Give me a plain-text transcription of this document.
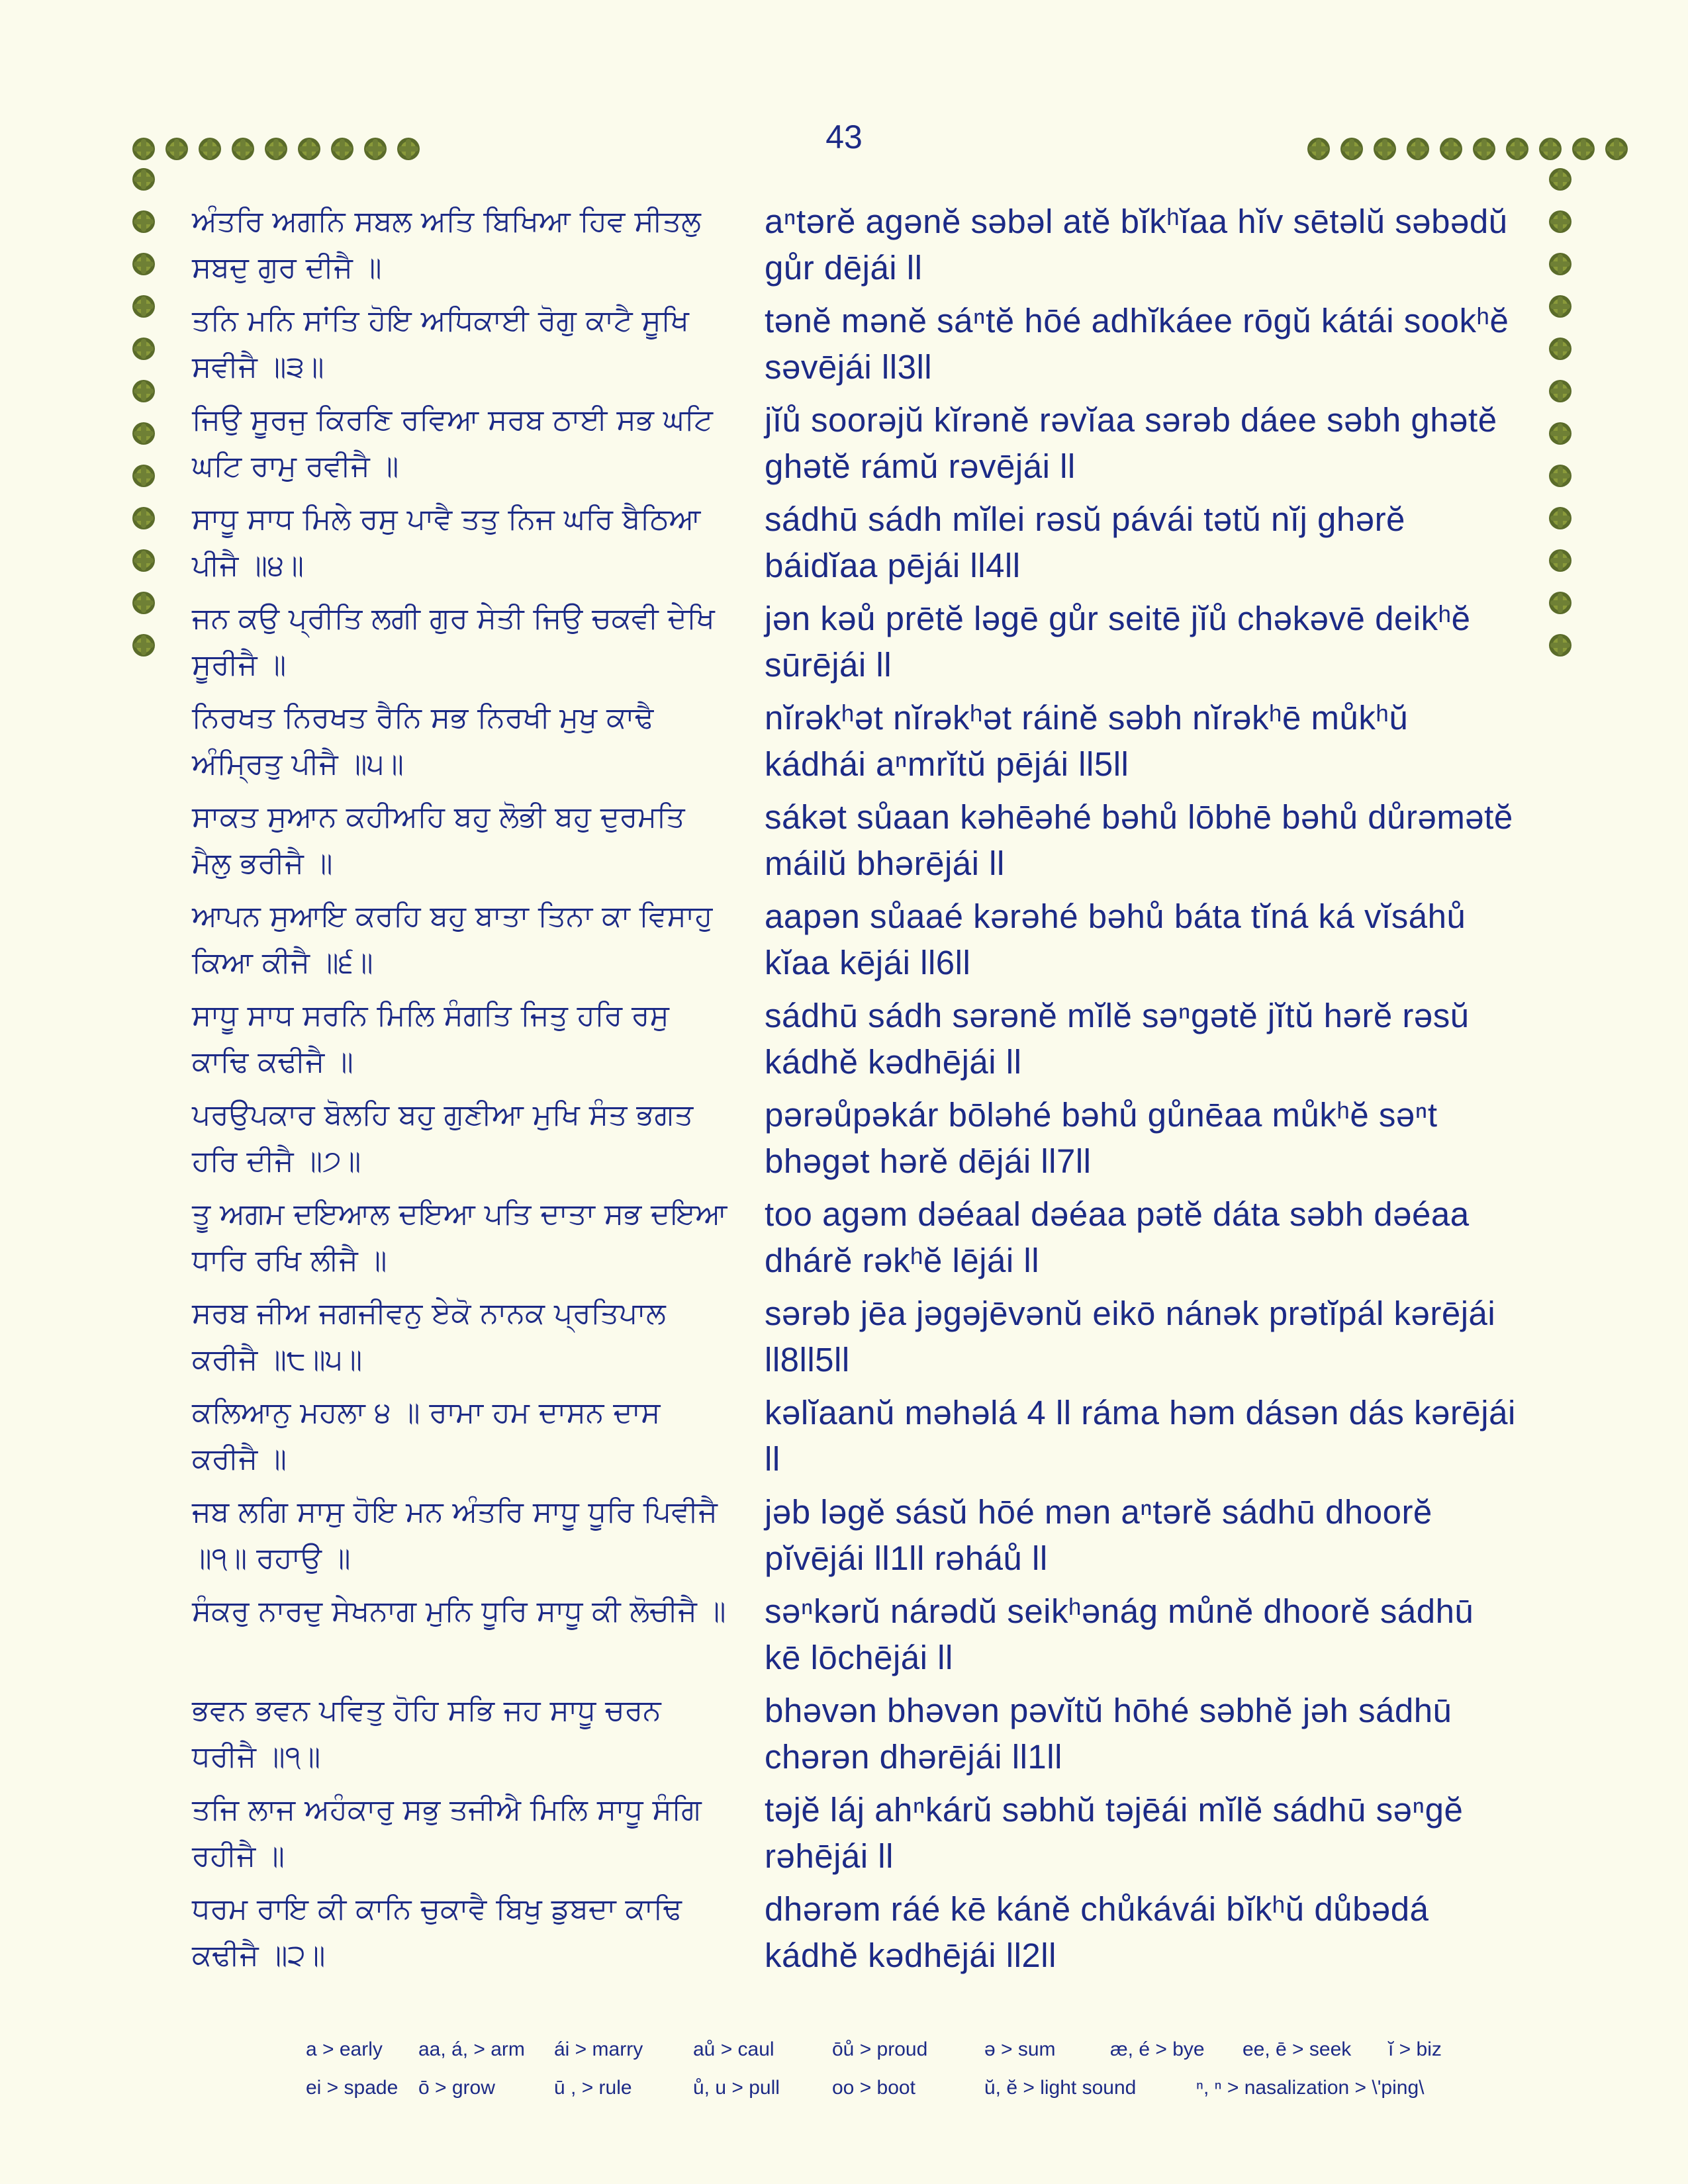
43
ਅੰਤਰਿ ਅਗਨਿ ਸਬਲ ਅਤਿ ਬਿਖਿਆ ਹਿਵ ਸੀਤਲੁ ਸਬਦੁ ਗੁਰ ਦੀਜੈ ॥
aⁿtərĕ agənĕ səbəl atĕ bĭkʰĭaa hĭv sētəlŭ səbədŭ gůr dējái ll
ਤਨਿ ਮਨਿ ਸਾਂਤਿ ਹੋਇ ਅਧਿਕਾਈ ਰੋਗੁ ਕਾਟੈ ਸੂਖਿ ਸਵੀਜੈ ॥੩॥
tənĕ mənĕ sáⁿtĕ hōé adhĭkáee rōgŭ kátái sookʰĕ səvējái ll3ll
ਜਿਉ ਸੂਰਜੁ ਕਿਰਣਿ ਰਵਿਆ ਸਰਬ ਠਾਈ ਸਭ ਘਟਿ ਘਟਿ ਰਾਮੁ ਰਵੀਜੈ ॥
jĭů soorəjŭ kĭrənĕ rəvĭaa sərəb dáee səbh ghətĕ ghətĕ rámŭ rəvējái ll
ਸਾਧੂ ਸਾਧ ਮਿਲੇ ਰਸੁ ਪਾਵੈ ਤਤੁ ਨਿਜ ਘਰਿ ਬੈਠਿਆ ਪੀਜੈ ॥੪॥
sádhū sádh mĭlei rəsŭ pávái tətŭ nĭj ghərĕ báidĭaa pējái ll4ll
ਜਨ ਕਉ ਪ੍ਰੀਤਿ ਲਗੀ ਗੁਰ ਸੇਤੀ ਜਿਉ ਚਕਵੀ ਦੇਖਿ ਸੂਰੀਜੈ ॥
jən kəů prētĕ ləgē gůr seitē jĭů chəkəvē deikʰĕ sūrējái ll
ਨਿਰਖਤ ਨਿਰਖਤ ਰੈਨਿ ਸਭ ਨਿਰਖੀ ਮੁਖੁ ਕਾਢੈ ਅੰਮ੍ਰਿਤੁ ਪੀਜੈ ॥੫॥
nĭrəkʰət nĭrəkʰət ráinĕ səbh nĭrəkʰē můkʰŭ kádhái aⁿmrĭtŭ pējái ll5ll
ਸਾਕਤ ਸੁਆਨ ਕਹੀਅਹਿ ਬਹੁ ਲੋਭੀ ਬਹੁ ਦੁਰਮਤਿ ਮੈਲੁ ਭਰੀਜੈ ॥
sákət sůaan kəhēəhé bəhů lōbhē bəhů důrəmətĕ máilŭ bhərējái ll
ਆਪਨ ਸੁਆਇ ਕਰਹਿ ਬਹੁ ਬਾਤਾ ਤਿਨਾ ਕਾ ਵਿਸਾਹੁ ਕਿਆ ਕੀਜੈ ॥੬॥
aapən sůaaé kərəhé bəhů báta tĭná ká vĭsáhů kĭaa kējái ll6ll
ਸਾਧੂ ਸਾਧ ਸਰਨਿ ਮਿਲਿ ਸੰਗਤਿ ਜਿਤੁ ਹਰਿ ਰਸੁ ਕਾਢਿ ਕਢੀਜੈ ॥
sádhū sádh sərənĕ mĭlĕ səⁿgətĕ jĭtŭ hərĕ rəsŭ kádhĕ kədhējái ll
ਪਰਉਪਕਾਰ ਬੋਲਹਿ ਬਹੁ ਗੁਣੀਆ ਮੁਖਿ ਸੰਤ ਭਗਤ ਹਰਿ ਦੀਜੈ ॥੭॥
pərəůpəkár bōləhé bəhů gůnēaa můkʰĕ səⁿt bhəgət hərĕ dējái ll7ll
ਤੂ ਅਗਮ ਦਇਆਲ ਦਇਆ ਪਤਿ ਦਾਤਾ ਸਭ ਦਇਆ ਧਾਰਿ ਰਖਿ ਲੀਜੈ ॥
too agəm dəéaal dəéaa pətĕ dáta səbh dəéaa dhárĕ rəkʰĕ lējái ll
ਸਰਬ ਜੀਅ ਜਗਜੀਵਨੁ ਏਕੋ ਨਾਨਕ ਪ੍ਰਤਿਪਾਲ ਕਰੀਜੈ ॥੮॥੫॥
sərəb jēa jəgəjēvənŭ eikō nánək prətĭpál kərējái ll8ll5ll
ਕਲਿਆਨੁ ਮਹਲਾ ੪ ॥ ਰਾਮਾ ਹਮ ਦਾਸਨ ਦਾਸ ਕਰੀਜੈ ॥
kəlĭaanŭ məhəlá 4 ll ráma həm dásən dás kərējái ll
ਜਬ ਲਗਿ ਸਾਸੁ ਹੋਇ ਮਨ ਅੰਤਰਿ ਸਾਧੂ ਧੂਰਿ ਪਿਵੀਜੈ ॥੧॥ ਰਹਾਉ ॥
jəb ləgĕ sásŭ hōé mən aⁿtərĕ sádhū dhoorĕ pĭvējái ll1ll rəháů ll
ਸੰਕਰੁ ਨਾਰਦੁ ਸੇਖਨਾਗ ਮੁਨਿ ਧੂਰਿ ਸਾਧੂ ਕੀ ਲੋਚੀਜੈ ॥ səⁿkərŭ nárədŭ seikʰənág můnĕ dhoorĕ sádhū kē lōchējái ll
ਭਵਨ ਭਵਨ ਪਵਿਤੁ ਹੋਹਿ ਸਭਿ ਜਹ ਸਾਧੂ ਚਰਨ ਧਰੀਜੈ ॥੧॥
bhəvən bhəvən pəvĭtŭ hōhé səbhĕ jəh sádhū chərən dhərējái ll1ll
ਤਜਿ ਲਾਜ ਅਹੰਕਾਰੁ ਸਭੁ ਤਜੀਐ ਮਿਲਿ ਸਾਧੂ ਸੰਗਿ ਰਹੀਜੈ ॥
təjĕ láj ahⁿkárŭ səbhŭ təjēái mĭlĕ sádhū səⁿgĕ rəhējái ll
ਧਰਮ ਰਾਇ ਕੀ ਕਾਨਿ ਚੁਕਾਵੈ ਬਿਖੁ ਡੁਬਦਾ ਕਾਢਿ ਕਢੀਜੈ ॥੨॥
dhərəm ráé kē kánĕ chůkávái bĭkʰŭ důbədá kádhĕ kədhējái ll2ll
a > early	aa, á, > arm	ái > marry	aů > caul	ōů > proud	ə > sum	æ, é > bye	ee, ē > seek	ĭ > biz
ei > spade	ō > grow	ū , > rule	ů, u > pull	oo > boot	ŭ, ĕ > light sound	ⁿ, ⁿ > nasalization > \'ping\
